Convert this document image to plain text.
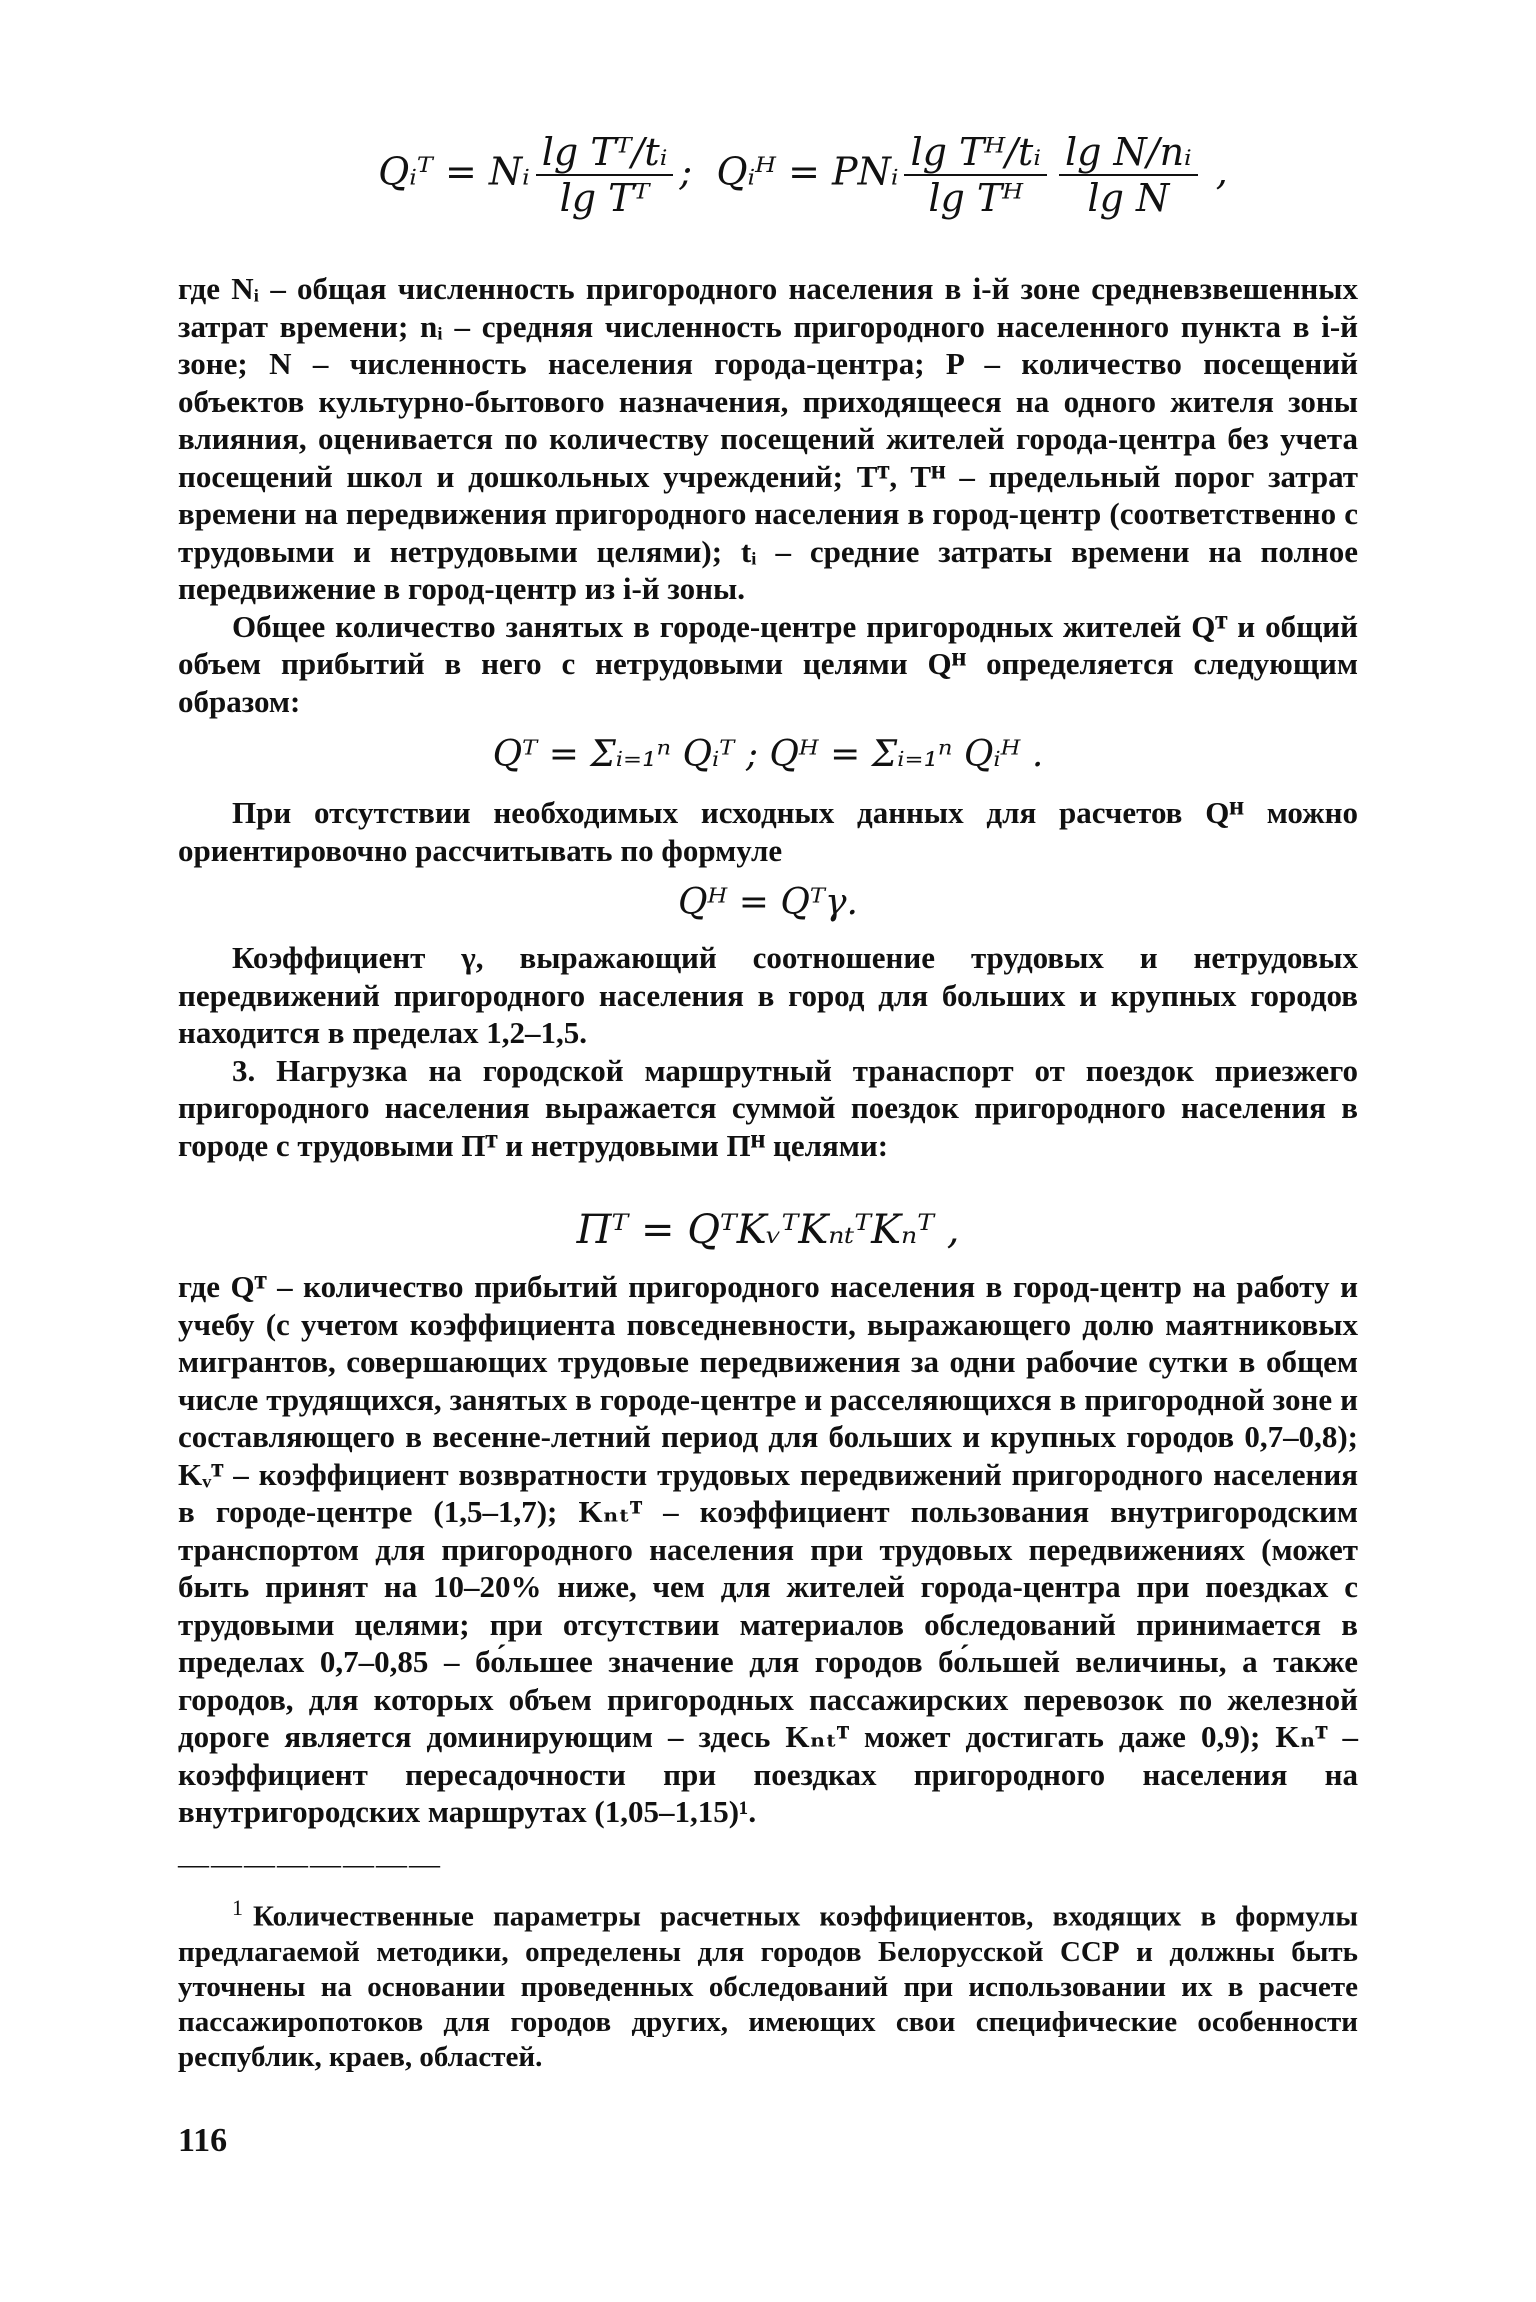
Qᵢᵀ = Nᵢ $\frac{\text{lg Tᵀ/tᵢ}}{\text{lg Tᵀ}}$ ; Qᵢᴴ = PNᵢ $\frac{\text{lg Tᴴ/tᵢ}}{\text{lg Tᴴ}} \frac{\text{lg N/nᵢ}}{\text{lg N}}$ ,

где Nᵢ – общая численность пригородного населения в i-й зоне средневзвешенных затрат времени; nᵢ – средняя численность пригородного населенного пункта в i-й зоне; N – численность населения города-центра; P – количество посещений объектов культурно-бытового назначения, приходящееся на одного жителя зоны влияния, оценивается по количеству посещений жителей города-центра без учета посещений школ и дошкольных учреждений; Tᵀ, Tᴴ – предельный порог затрат времени на передвижения пригородного населения в город-центр (соответственно с трудовыми и нетрудовыми целями); tᵢ – средние затраты времени на полное передвижение в город-центр из i-й зоны.

Общее количество занятых в городе-центре пригородных жителей Qᵀ и общий объем прибытий в него с нетрудовыми целями Qᴴ определяется следующим образом:

Qᵀ = Σᵢ₌₁ⁿ Qᵢᵀ ; Qᴴ = Σᵢ₌₁ⁿ Qᵢᴴ .

При отсутствии необходимых исходных данных для расчетов Qᴴ можно ориентировочно рассчитывать по формуле

Qᴴ = Qᵀγ.

Коэффициент γ, выражающий соотношение трудовых и нетрудовых передвижений пригородного населения в город для больших и крупных городов находится в пределах 1,2–1,5.

3. Нагрузка на городской маршрутный транаспорт от поездок приезжего пригородного населения выражается суммой поездок пригородного населения в городе с трудовыми Пᵀ и нетрудовыми Пᴴ целями:

Пᵀ = QᵀKᵥᵀKₙₜᵀKₙᵀ ,

где Qᵀ – количество прибытий пригородного населения в город-центр на работу и учебу (с учетом коэффициента повседневности, выражающего долю маятниковых мигрантов, совершающих трудовые передвижения за одни рабочие сутки в общем числе трудящихся, занятых в городе-центре и расселяющихся в пригородной зоне и составляющего в весенне-летний период для больших и крупных городов 0,7–0,8); Kᵥᵀ – коэффициент возвратности трудовых передвижений пригородного населения в городе-центре (1,5–1,7); Kₙₜᵀ – коэффициент пользования внутригородским транспортом для пригородного населения при трудовых передвижениях (может быть принят на 10–20% ниже, чем для жителей города-центра при поездках с трудовыми целями; при отсутствии материалов обследований принимается в пределах 0,7–0,85 – бо́льшее значение для городов бо́льшей величины, а также городов, для которых объем пригородных пассажирских перевозок по железной дороге является доминирующим – здесь Kₙₜᵀ может достигать даже 0,9); Kₙᵀ – коэффициент пересадочности при поездках пригородного населения на внутригородских маршрутах (1,05–1,15)¹.

————————

$^1$ Количественные параметры расчетных коэффициентов, входящих в формулы предлагаемой методики, определены для городов Белорусской ССР и должны быть уточнены на основании проведенных обследований при использовании их в расчете пассажиропотоков для городов других, имеющих свои специфические особенности республик, краев, областей.

116
